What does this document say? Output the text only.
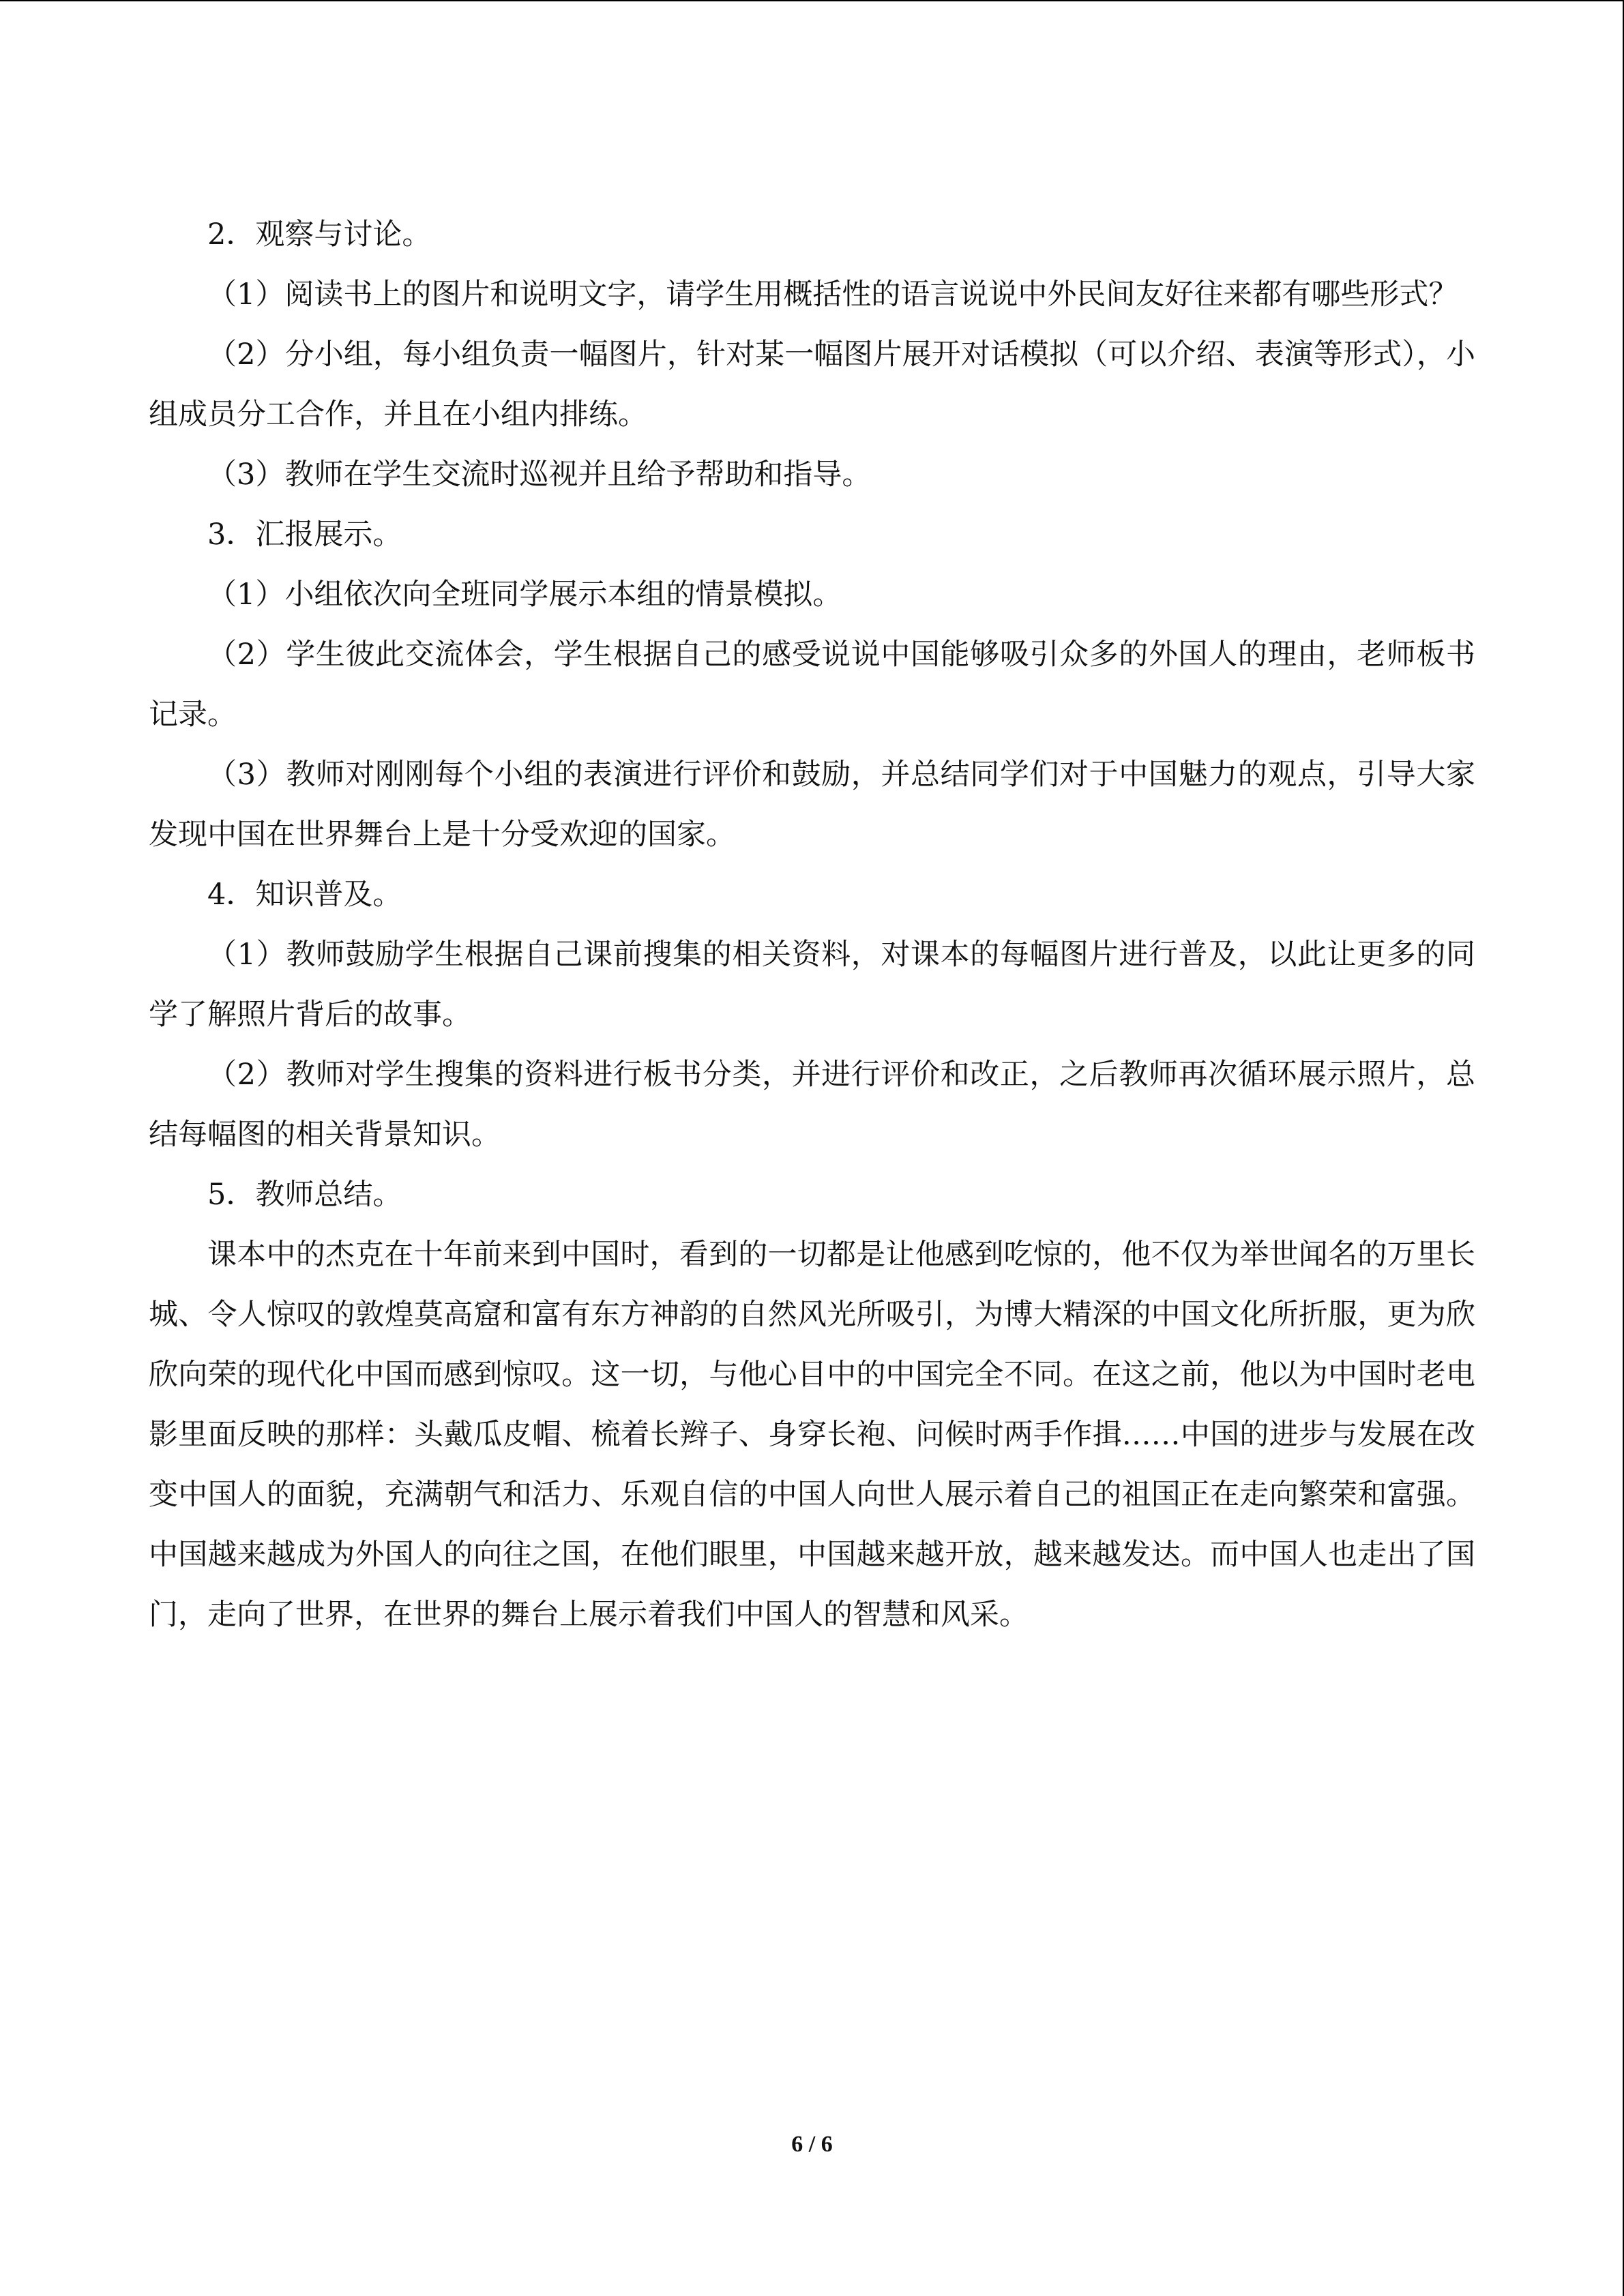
2．观察与讨论。

（1）阅读书上的图片和说明文字，请学生用概括性的语言说说中外民间友好往来都有哪些形式？

（2）分小组，每小组负责一幅图片，针对某一幅图片展开对话模拟（可以介绍、表演等形式），小组成员分工合作，并且在小组内排练。

（3）教师在学生交流时巡视并且给予帮助和指导。

3．汇报展示。

（1）小组依次向全班同学展示本组的情景模拟。

（2）学生彼此交流体会，学生根据自己的感受说说中国能够吸引众多的外国人的理由，老师板书记录。

（3）教师对刚刚每个小组的表演进行评价和鼓励，并总结同学们对于中国魅力的观点，引导大家发现中国在世界舞台上是十分受欢迎的国家。

4．知识普及。

（1）教师鼓励学生根据自己课前搜集的相关资料，对课本的每幅图片进行普及，以此让更多的同学了解照片背后的故事。

（2）教师对学生搜集的资料进行板书分类，并进行评价和改正，之后教师再次循环展示照片，总结每幅图的相关背景知识。

5．教师总结。

课本中的杰克在十年前来到中国时，看到的一切都是让他感到吃惊的，他不仅为举世闻名的万里长城、令人惊叹的敦煌莫高窟和富有东方神韵的自然风光所吸引，为博大精深的中国文化所折服，更为欣欣向荣的现代化中国而感到惊叹。这一切，与他心目中的中国完全不同。在这之前，他以为中国时老电影里面反映的那样：头戴瓜皮帽、梳着长辫子、身穿长袍、问候时两手作揖……中国的进步与发展在改变中国人的面貌，充满朝气和活力、乐观自信的中国人向世人展示着自己的祖国正在走向繁荣和富强。中国越来越成为外国人的向往之国，在他们眼里，中国越来越开放，越来越发达。而中国人也走出了国门，走向了世界，在世界的舞台上展示着我们中国人的智慧和风采。

6 / 6
